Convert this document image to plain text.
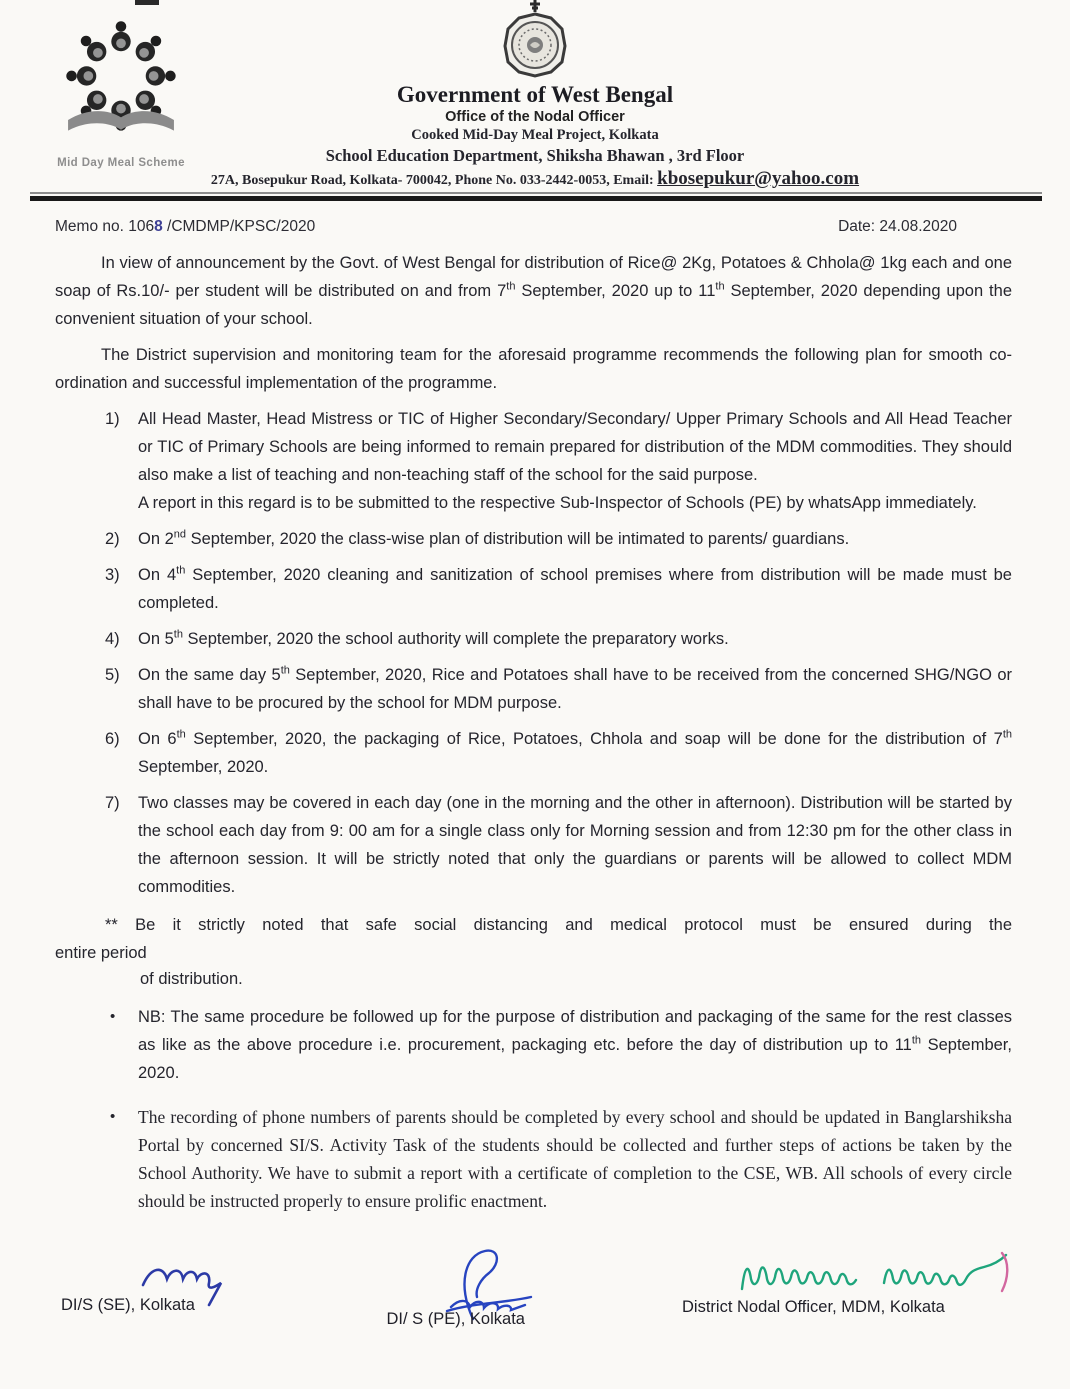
Mid Day Meal Scheme
Government of West Bengal
Office of the Nodal Officer
Cooked Mid-Day Meal Project, Kolkata
School Education Department, Shiksha Bhawan , 3rd Floor
27A, Bosepukur Road, Kolkata- 700042, Phone No. 033-2442-0053, Email: kbosepukur@yahoo.com
Memo no. 1068 /CMDMP/KPSC/2020	Date: 24.08.2020

In view of announcement by the Govt. of West Bengal for distribution of Rice@ 2Kg, Potatoes & Chhola@ 1kg each and one soap of Rs.10/- per student will be distributed on and from 7th September, 2020 up to 11th September, 2020 depending upon the convenient situation of your school.

The District supervision and monitoring team for the aforesaid programme recommends the following plan for smooth co-ordination and successful implementation of the programme.

1)	All Head Master, Head Mistress or TIC of Higher Secondary/Secondary/ Upper Primary Schools and All Head Teacher or TIC of Primary Schools are being informed to remain prepared for distribution of the MDM commodities. They should also make a list of teaching and non-teaching staff of the school for the said purpose.

A report in this regard is to be submitted to the respective Sub-Inspector of Schools (PE) by whatsApp immediately.

2)	On 2nd September, 2020 the class-wise plan of distribution will be intimated to parents/ guardians.

3)	On 4th September, 2020 cleaning and sanitization of school premises where from distribution will be made must be completed.

4)	On 5th September, 2020 the school authority will complete the preparatory works.

5)	On the same day 5th September, 2020, Rice and Potatoes shall have to be received from the concerned SHG/NGO or shall have to be procured by the school for MDM purpose.

6)	On 6th September, 2020, the packaging of Rice, Potatoes, Chhola and soap will be done for the distribution of 7th September, 2020.

7)	Two classes may be covered in each day (one in the morning and the other in afternoon). Distribution will be started by the school each day from 9: 00 am for a single class only for Morning session and from 12:30 pm for the other class in the afternoon session. It will be strictly noted that only the guardians or parents will be allowed to collect MDM commodities.

** Be it strictly noted that safe social distancing and medical protocol must be ensured during the
entire period
of distribution.
•	NB: The same procedure be followed up for the purpose of distribution and packaging of the same for the rest classes as like as the above procedure i.e. procurement, packaging etc. before the day of distribution up to 11th September, 2020.
•	The recording of phone numbers of parents should be completed by every school and should be updated in Banglarshiksha Portal by concerned SI/S. Activity Task of the students should be collected and further steps of actions be taken by the School Authority. We have to submit a report with a certificate of completion to the CSE, WB. All schools of every circle should be instructed properly to ensure prolific enactment.
DI/S (SE), Kolkata
DI/ S (PE), Kolkata
District Nodal Officer, MDM, Kolkata
